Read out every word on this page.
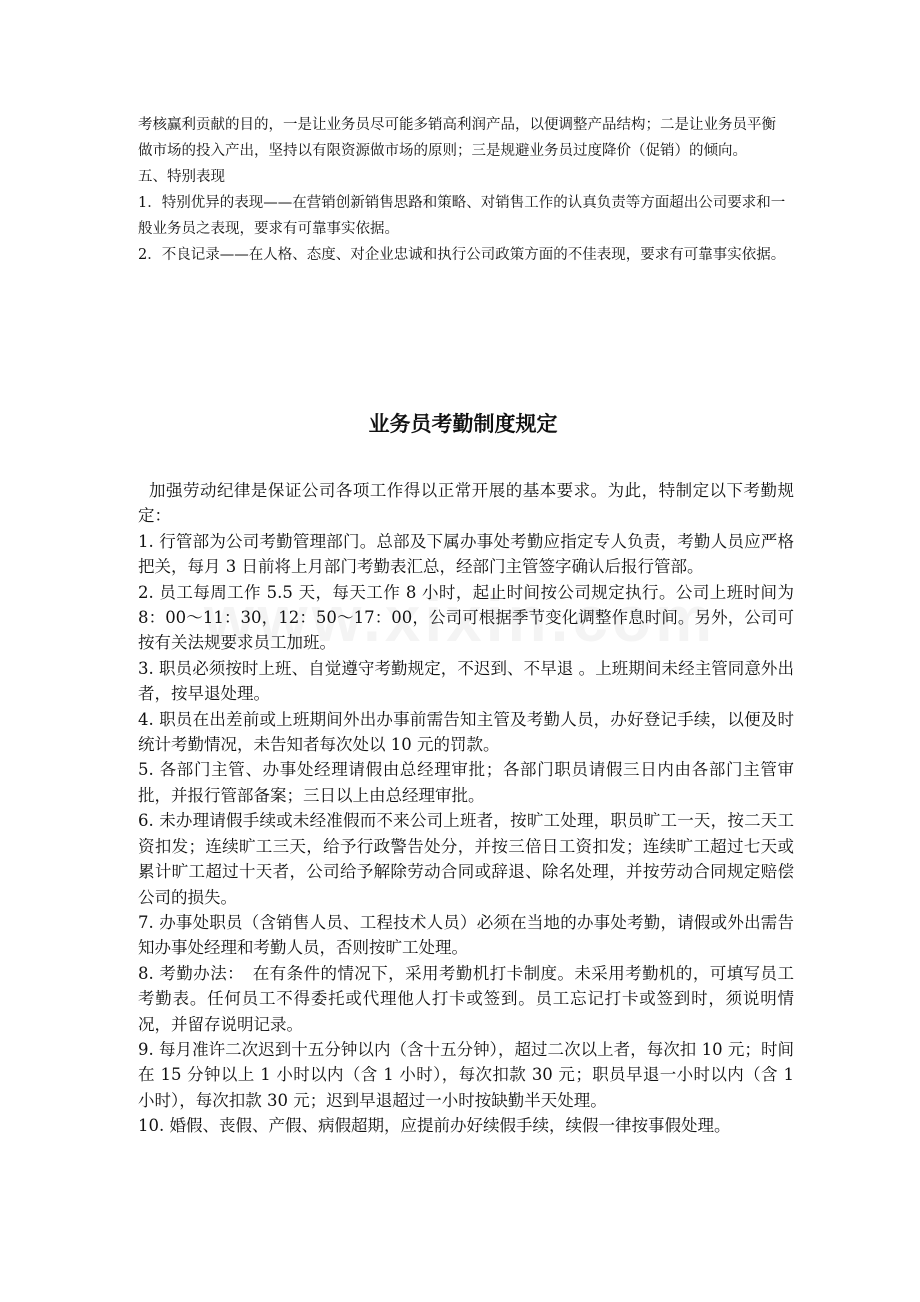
考核赢利贡献的目的，一是让业务员尽可能多销高利润产品，以便调整产品结构；二是让业务员平衡做市场的投入产出，坚持以有限资源做市场的原则；三是规避业务员过度降价（促销）的倾向。

五、特别表现

1．特别优异的表现——在营销创新销售思路和策略、对销售工作的认真负责等方面超出公司要求和一般业务员之表现，要求有可靠事实依据。

2．不良记录——在人格、态度、对企业忠诚和执行公司政策方面的不佳表现，要求有可靠事实依据。

业务员考勤制度规定

加强劳动纪律是保证公司各项工作得以正常开展的基本要求。为此，特制定以下考勤规定：

1. 行管部为公司考勤管理部门。总部及下属办事处考勤应指定专人负责，考勤人员应严格把关，每月 3 日前将上月部门考勤表汇总，经部门主管签字确认后报行管部。

2. 员工每周工作 5.5 天，每天工作 8 小时，起止时间按公司规定执行。公司上班时间为 8：00～11：30，12：50～17：00，公司可根据季节变化调整作息时间。另外，公司可按有关法规要求员工加班。

3. 职员必须按时上班、自觉遵守考勤规定，不迟到、不早退 。上班期间未经主管同意外出者，按早退处理。

4. 职员在出差前或上班期间外出办事前需告知主管及考勤人员，办好登记手续，以便及时统计考勤情况，未告知者每次处以 10 元的罚款。

5. 各部门主管、办事处经理请假由总经理审批；各部门职员请假三日内由各部门主管审批，并报行管部备案；三日以上由总经理审批。

6. 未办理请假手续或未经准假而不来公司上班者，按旷工处理，职员旷工一天，按二天工资扣发；连续旷工三天，给予行政警告处分，并按三倍日工资扣发；连续旷工超过七天或累计旷工超过十天者，公司给予解除劳动合同或辞退、除名处理，并按劳动合同规定赔偿公司的损失。

7. 办事处职员（含销售人员、工程技术人员）必须在当地的办事处考勤，请假或外出需告知办事处经理和考勤人员，否则按旷工处理。

8. 考勤办法：　在有条件的情况下，采用考勤机打卡制度。未采用考勤机的，可填写员工考勤表。任何员工不得委托或代理他人打卡或签到。员工忘记打卡或签到时，须说明情况，并留存说明记录。

9. 每月准许二次迟到十五分钟以内（含十五分钟），超过二次以上者，每次扣 10 元；时间在 15 分钟以上 1 小时以内（含 1 小时），每次扣款 30 元；职员早退一小时以内（含 1 小时），每次扣款 30 元；迟到早退超过一小时按缺勤半天处理。

10. 婚假、丧假、产假、病假超期，应提前办好续假手续，续假一律按事假处理。
